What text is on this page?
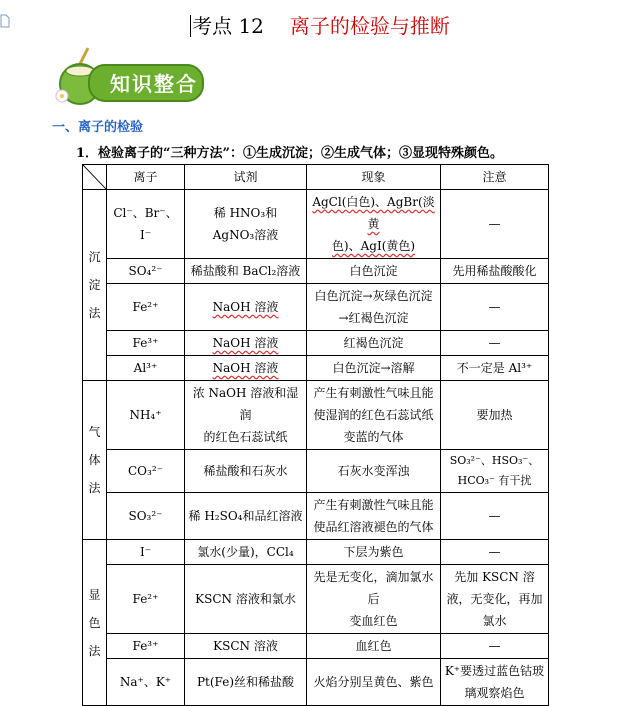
考点 12 离子的检验与推断
知识整合
一、离子的检验
1．检验离子的“三种方法”：①生成沉淀；②生成气体；③显现特殊颜色。
	离子	试剂	现象	注意
沉
淀
法	Cl⁻、Br⁻、I⁻	稀 HNO₃和
AgNO₃溶液	AgCl(白色)、AgBr(淡黄
色)、AgI(黄色)	—
	SO₄²⁻	稀盐酸和 BaCl₂溶液	白色沉淀	先用稀盐酸酸化
	Fe²⁺	NaOH 溶液	白色沉淀→灰绿色沉淀
→红褐色沉淀	—
	Fe³⁺	NaOH 溶液	红褐色沉淀	—
	Al³⁺	NaOH 溶液	白色沉淀→溶解	不一定是 Al³⁺
气
体
法	NH₄⁺	浓 NaOH 溶液和湿润
的红色石蕊试纸	产生有刺激性气味且能
使湿润的红色石蕊试纸
变蓝的气体	要加热
	CO₃²⁻	稀盐酸和石灰水	石灰水变浑浊	SO₃²⁻、HSO₃⁻、HCO₃⁻ 有干扰
	SO₃²⁻	稀 H₂SO₄和品红溶液	产生有刺激性气味且能
使品红溶液褪色的气体	—
显
色
法	I⁻	氯水(少量)，CCl₄	下层为紫色	—
	Fe²⁺	KSCN 溶液和氯水	先是无变化，滴加氯水后
变血红色	先加 KSCN 溶液，无变化，再加氯水
	Fe³⁺	KSCN 溶液	血红色	—
	Na⁺、K⁺	Pt(Fe)丝和稀盐酸	火焰分别呈黄色、紫色	K⁺要透过蓝色钴玻璃观察焰色
